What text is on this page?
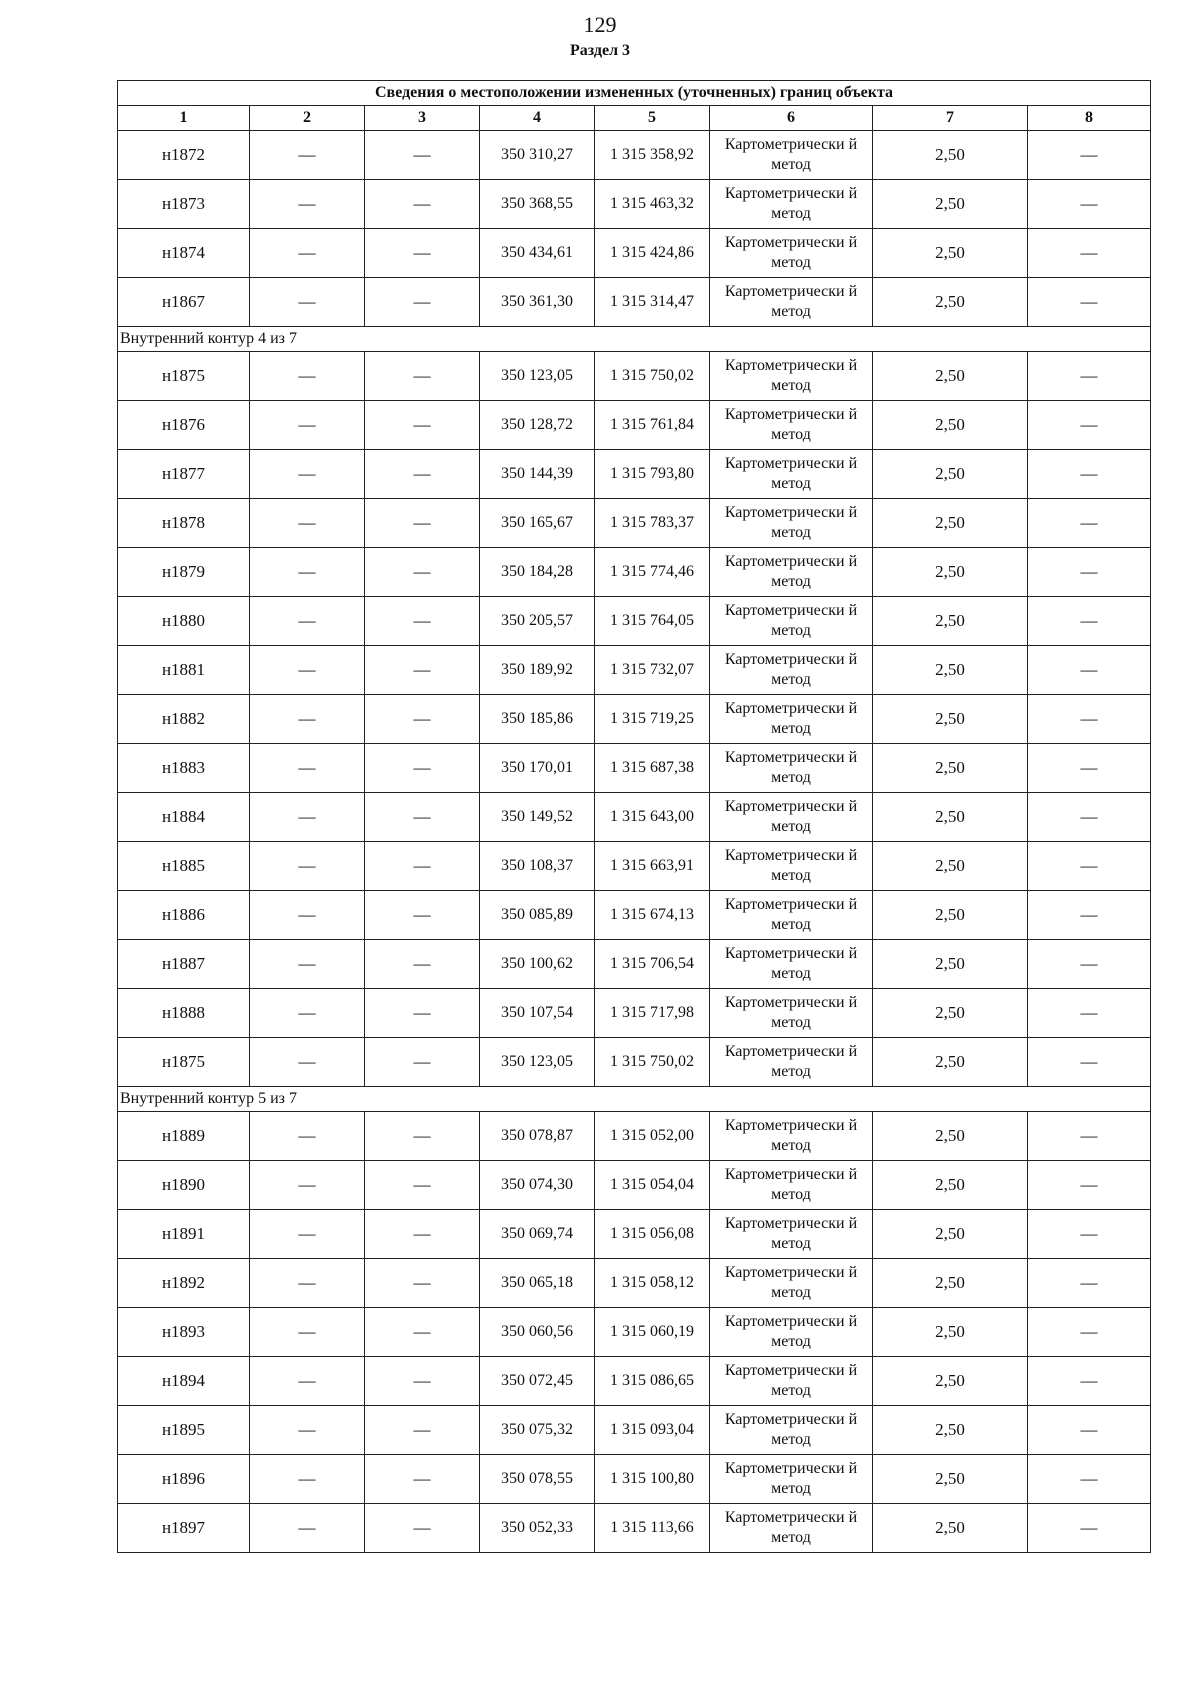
129
Раздел 3
Сведения о местоположении измененных (уточненных) границ объекта							
1	2	3	4	5	6	7	8
н1872	—	—	350 310,27	1 315 358,92	Картометрически й метод	2,50	—
н1873	—	—	350 368,55	1 315 463,32	Картометрически й метод	2,50	—
н1874	—	—	350 434,61	1 315 424,86	Картометрически й метод	2,50	—
н1867	—	—	350 361,30	1 315 314,47	Картометрически й метод	2,50	—
Внутренний контур 4 из 7							
н1875	—	—	350 123,05	1 315 750,02	Картометрически й метод	2,50	—
н1876	—	—	350 128,72	1 315 761,84	Картометрически й метод	2,50	—
н1877	—	—	350 144,39	1 315 793,80	Картометрически й метод	2,50	—
н1878	—	—	350 165,67	1 315 783,37	Картометрически й метод	2,50	—
н1879	—	—	350 184,28	1 315 774,46	Картометрически й метод	2,50	—
н1880	—	—	350 205,57	1 315 764,05	Картометрически й метод	2,50	—
н1881	—	—	350 189,92	1 315 732,07	Картометрически й метод	2,50	—
н1882	—	—	350 185,86	1 315 719,25	Картометрически й метод	2,50	—
н1883	—	—	350 170,01	1 315 687,38	Картометрически й метод	2,50	—
н1884	—	—	350 149,52	1 315 643,00	Картометрически й метод	2,50	—
н1885	—	—	350 108,37	1 315 663,91	Картометрически й метод	2,50	—
н1886	—	—	350 085,89	1 315 674,13	Картометрически й метод	2,50	—
н1887	—	—	350 100,62	1 315 706,54	Картометрически й метод	2,50	—
н1888	—	—	350 107,54	1 315 717,98	Картометрически й метод	2,50	—
н1875	—	—	350 123,05	1 315 750,02	Картометрически й метод	2,50	—
Внутренний контур 5 из 7							
н1889	—	—	350 078,87	1 315 052,00	Картометрически й метод	2,50	—
н1890	—	—	350 074,30	1 315 054,04	Картометрически й метод	2,50	—
н1891	—	—	350 069,74	1 315 056,08	Картометрически й метод	2,50	—
н1892	—	—	350 065,18	1 315 058,12	Картометрически й метод	2,50	—
н1893	—	—	350 060,56	1 315 060,19	Картометрически й метод	2,50	—
н1894	—	—	350 072,45	1 315 086,65	Картометрически й метод	2,50	—
н1895	—	—	350 075,32	1 315 093,04	Картометрически й метод	2,50	—
н1896	—	—	350 078,55	1 315 100,80	Картометрически й метод	2,50	—
н1897	—	—	350 052,33	1 315 113,66	Картометрически й метод	2,50	—
